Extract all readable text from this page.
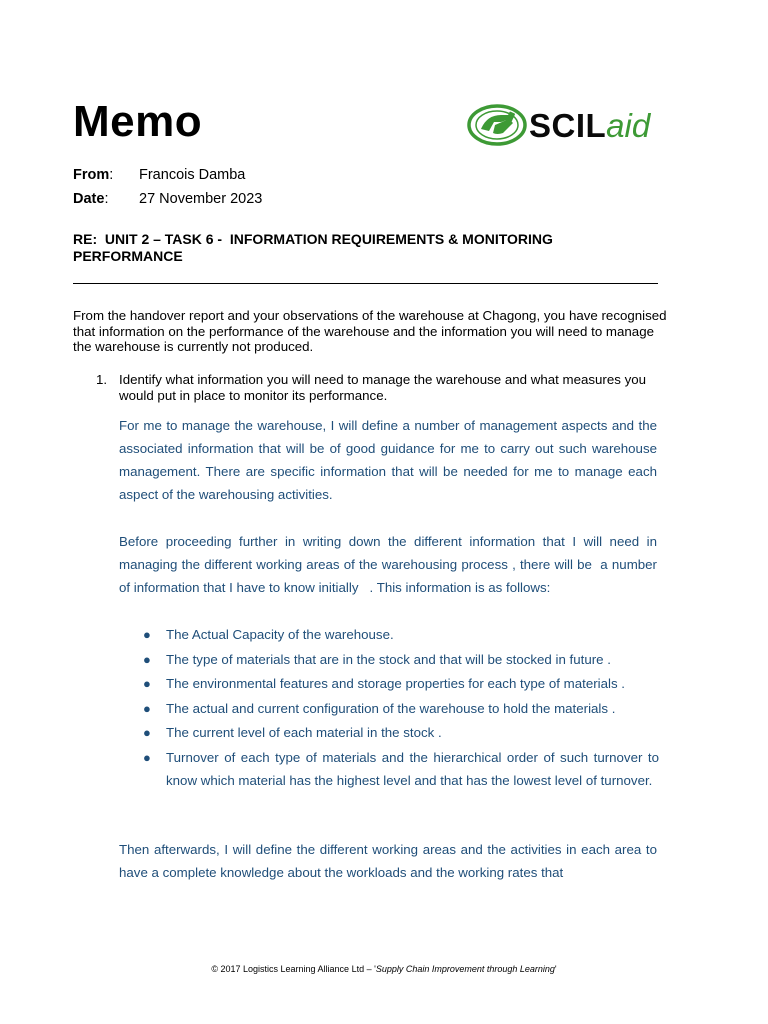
Memo	SCILaid
From: Francois Damba
Date: 27 November 2023
RE:  UNIT 2 – TASK 6 -  INFORMATION REQUIREMENTS & MONITORING
PERFORMANCE
From the handover report and your observations of the warehouse at Chagong, you have recognised that information on the performance of the warehouse and the information you will need to manage the warehouse is currently not produced.
1. Identify what information you will need to manage the warehouse and what measures you would put in place to monitor its performance.

For me to manage the warehouse, I will define a number of management aspects and the associated information that will be of good guidance for me to carry out such warehouse management. There are specific information that will be needed for me to manage each aspect of the warehousing activities.

Before proceeding further in writing down the different information that I will need in managing the different working areas of the warehousing process , there will be  a number of information that I have to know initially   . This information is as follows:

● The Actual Capacity of the warehouse.
● The type of materials that are in the stock and that will be stocked in future .
● The environmental features and storage properties for each type of materials .
● The actual and current configuration of the warehouse to hold the materials .
● The current level of each material in the stock .
● Turnover of each type of materials and the hierarchical order of such turnover to know which material has the highest level and that has the lowest level of turnover.

Then afterwards, I will define the different working areas and the activities in each area to have a complete knowledge about the workloads and the working rates that

© 2017 Logistics Learning Alliance Ltd – 'Supply Chain Improvement through Learning'
